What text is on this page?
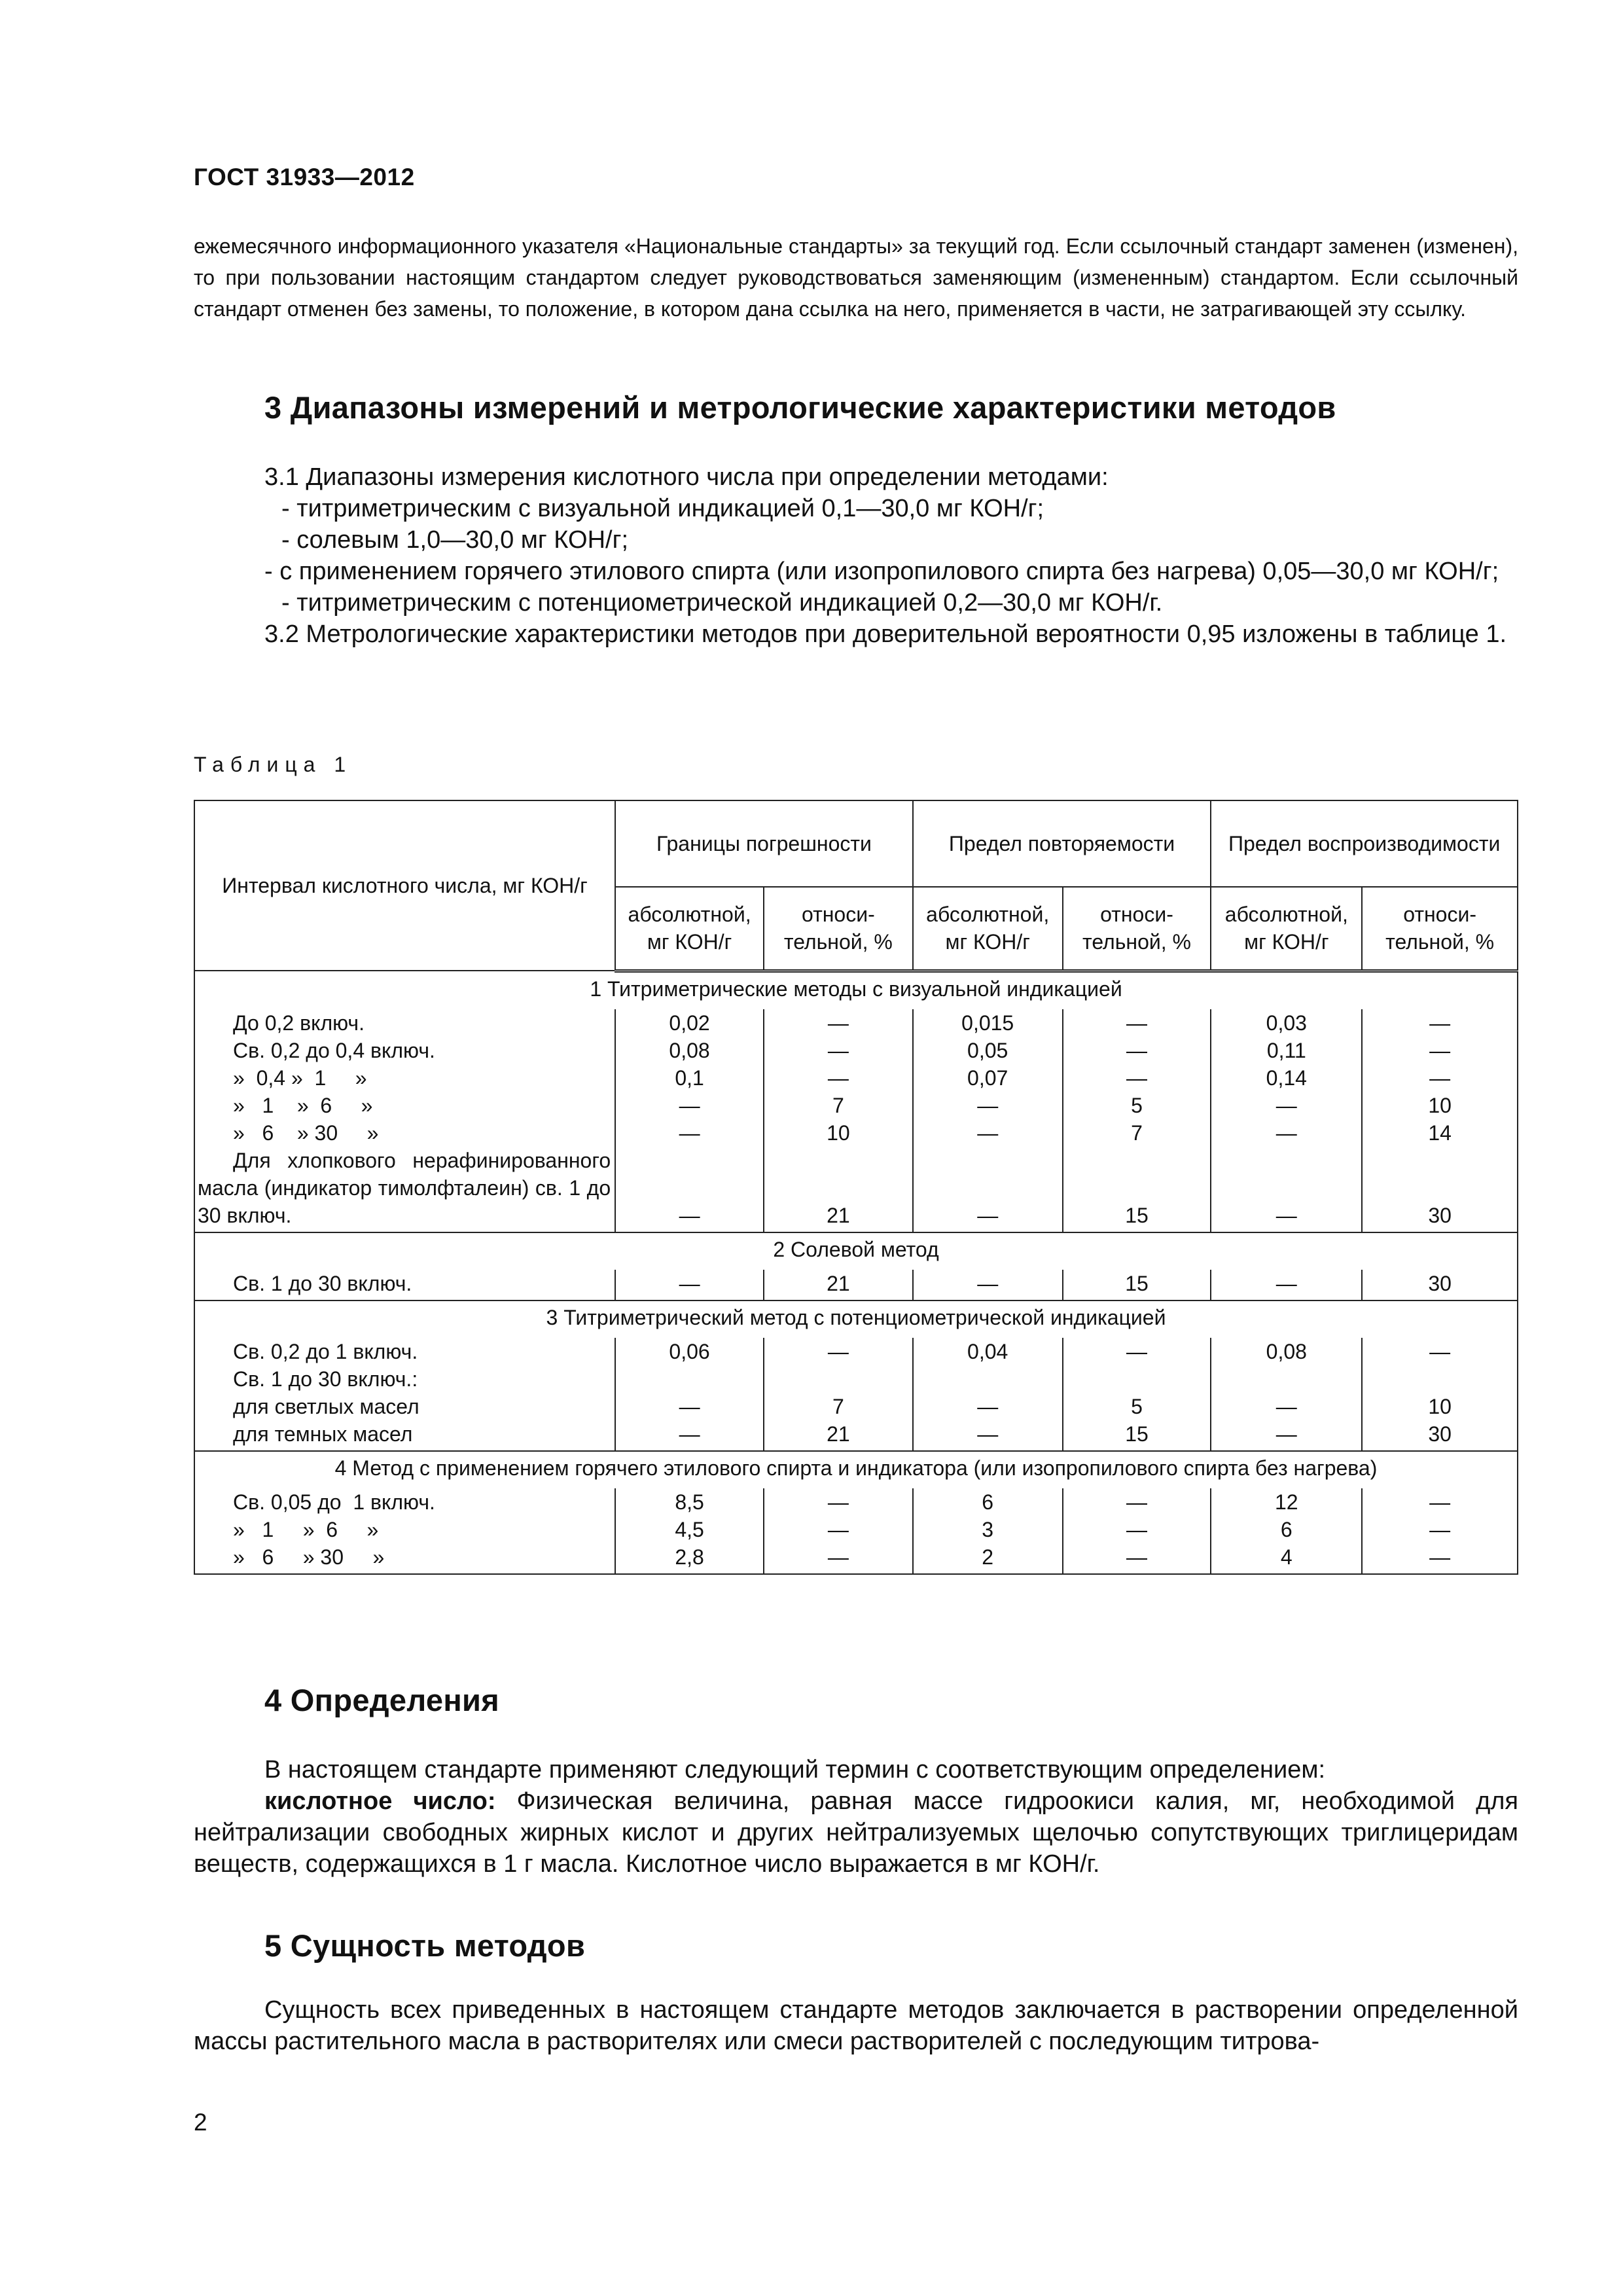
ГОСТ 31933—2012

ежемесячного информационного указателя «Национальные стандарты» за текущий год. Если ссылочный стандарт заменен (изменен), то при пользовании настоящим стандартом следует руководствоваться заменяющим (измененным) стандартом. Если ссылочный стандарт отменен без замены, то положение, в котором дана ссылка на него, применяется в части, не затрагивающей эту ссылку.

3 Диапазоны измерений и метрологические характеристики методов

3.1 Диапазоны измерения кислотного числа при определении методами:

- титриметрическим с визуальной индикацией 0,1—30,0 мг КОН/г;

- солевым 1,0—30,0 мг КОН/г;

- с применением горячего этилового спирта (или изопропилового спирта без нагрева) 0,05—30,0 мг КОН/г;

- титриметрическим с потенциометрической индикацией 0,2—30,0 мг КОН/г.

3.2 Метрологические характеристики методов при доверительной вероятности 0,95 изложены в таблице 1.

Таблица 1
Интервал кислотного числа, мг КОН/г	Границы погрешности		Предел повторяемости		Предел воспроизводимости	
	абсолютной, мг КОН/г	относи-тельной, %	абсолютной, мг КОН/г	относи-тельной, %	абсолютной, мг КОН/г	относи-тельной, %
1 Титриметрические методы с визуальной индикацией						
До 0,2 включ.	0,02	—	0,015	—	0,03	—
Св. 0,2 до 0,4 включ.	0,08	—	0,05	—	0,11	—
»  0,4 »  1     »	0,1	—	0,07	—	0,14	—
»   1    »  6     »	—	7	—	5	—	10
»   6    » 30     »	—	10	—	7	—	14
Для хлопкового нерафинированного масла (индикатор тимолфталеин) св. 1 до 30 включ.	—	21	—	15	—	30
2 Солевой метод						
Св. 1 до 30 включ.	—	21	—	15	—	30
3 Титриметрический метод с потенциометрической индикацией						
Св. 0,2 до 1 включ.	0,06	—	0,04	—	0,08	—
Св. 1 до 30 включ.:						
для светлых масел	—	7	—	5	—	10
для темных масел	—	21	—	15	—	30
4 Метод с применением горячего этилового спирта и индикатора (или изопропилового спирта без нагрева)						
Св. 0,05 до  1 включ.	8,5	—	6	—	12	—
»   1     »  6     »	4,5	—	3	—	6	—
»   6     » 30     »	2,8	—	2	—	4	—
4 Определения

В настоящем стандарте применяют следующий термин с соответствующим определением:

кислотное число: Физическая величина, равная массе гидроокиси калия, мг, необходимой для нейтрализации свободных жирных кислот и других нейтрализуемых щелочью сопутствующих триглицеридам веществ, содержащихся в 1 г масла. Кислотное число выражается в мг КОН/г.

5 Сущность методов

Сущность всех приведенных в настоящем стандарте методов заключается в растворении определенной массы растительного масла в растворителях или смеси растворителей с последующим титрова-

2
